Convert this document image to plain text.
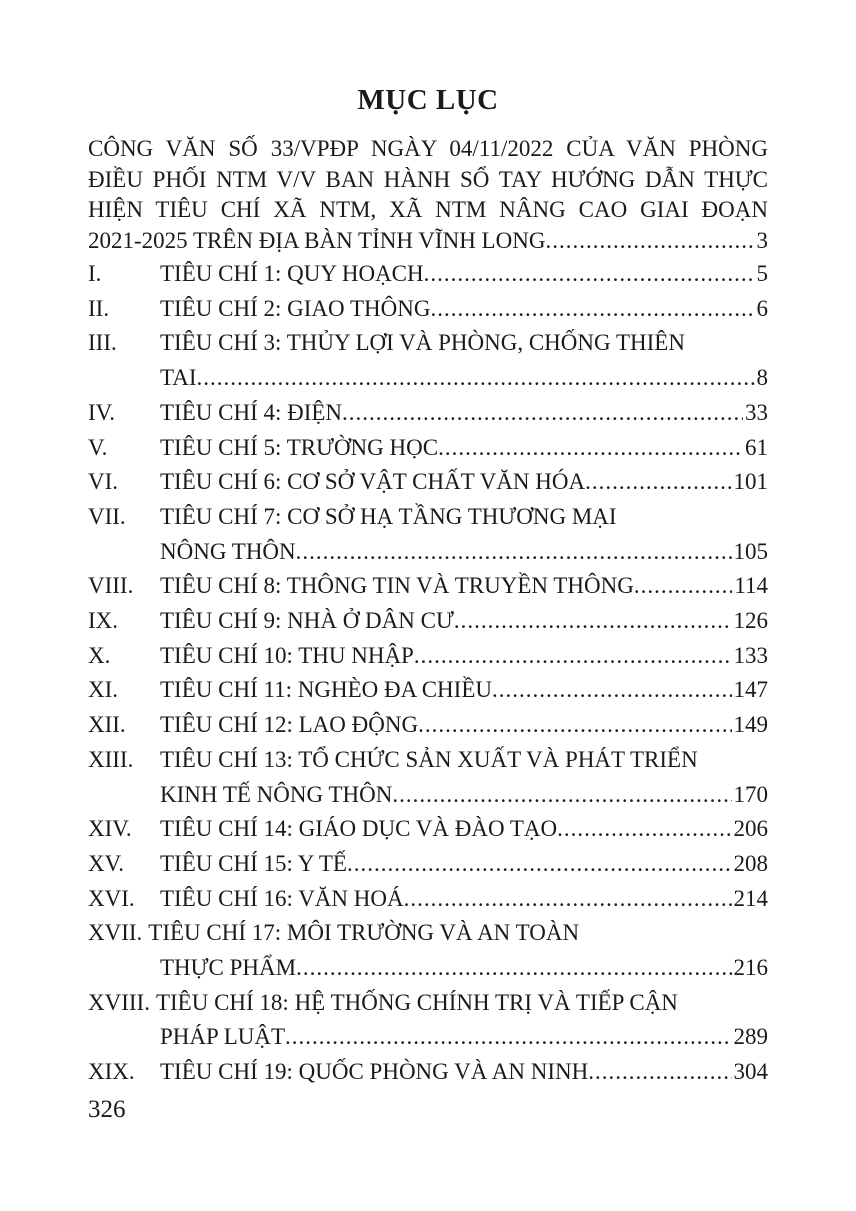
MỤC LỤC
CÔNG VĂN SỐ 33/VPĐP NGÀY 04/11/2022 CỦA VĂN PHÒNG
ĐIỀU PHỐI NTM V/V BAN HÀNH SỔ TAY HƯỚNG DẪN THỰC
HIỆN TIÊU CHÍ XÃ NTM, XÃ NTM NÂNG CAO GIAI ĐOẠN
2021-2025 TRÊN ĐỊA BÀN TỈNH VĨNH LONG .....	3
I.	TIÊU CHÍ 1: QUY HOẠCH .....	5
II.	TIÊU CHÍ 2: GIAO THÔNG .....	6
III.	TIÊU CHÍ 3: THỦY LỢI VÀ PHÒNG, CHỐNG THIÊN
TAI .....	8
IV.	TIÊU CHÍ 4: ĐIỆN .....	33
V.	TIÊU CHÍ 5: TRƯỜNG HỌC .....	61
VI.	TIÊU CHÍ 6: CƠ SỞ VẬT CHẤT VĂN HÓA .....	101
VII.	TIÊU CHÍ 7: CƠ SỞ HẠ TẦNG THƯƠNG MẠI
NÔNG THÔN .....	105
VIII.	TIÊU CHÍ 8: THÔNG TIN VÀ TRUYỀN THÔNG .....	114
IX.	TIÊU CHÍ 9: NHÀ Ở DÂN CƯ .....	126
X.	TIÊU CHÍ 10: THU NHẬP .....	133
XI.	TIÊU CHÍ 11: NGHÈO ĐA CHIỀU .....	147
XII.	TIÊU CHÍ 12: LAO ĐỘNG .....	149
XIII.	TIÊU CHÍ 13: TỔ CHỨC SẢN XUẤT VÀ PHÁT TRIỂN
KINH TẾ NÔNG THÔN .....	170
XIV.	TIÊU CHÍ 14: GIÁO DỤC VÀ ĐÀO TẠO .....	206
XV.	TIÊU CHÍ 15: Y TẾ .....	208
XVI.	TIÊU CHÍ 16: VĂN HOÁ .....	214
XVII. TIÊU CHÍ 17: MÔI TRƯỜNG VÀ AN TOÀN
THỰC PHẨM .....	216
XVIII. TIÊU CHÍ 18: HỆ THỐNG CHÍNH TRỊ VÀ TIẾP CẬN
PHÁP LUẬT .....	289
XIX.	TIÊU CHÍ 19: QUỐC PHÒNG VÀ AN NINH .....	304
326
